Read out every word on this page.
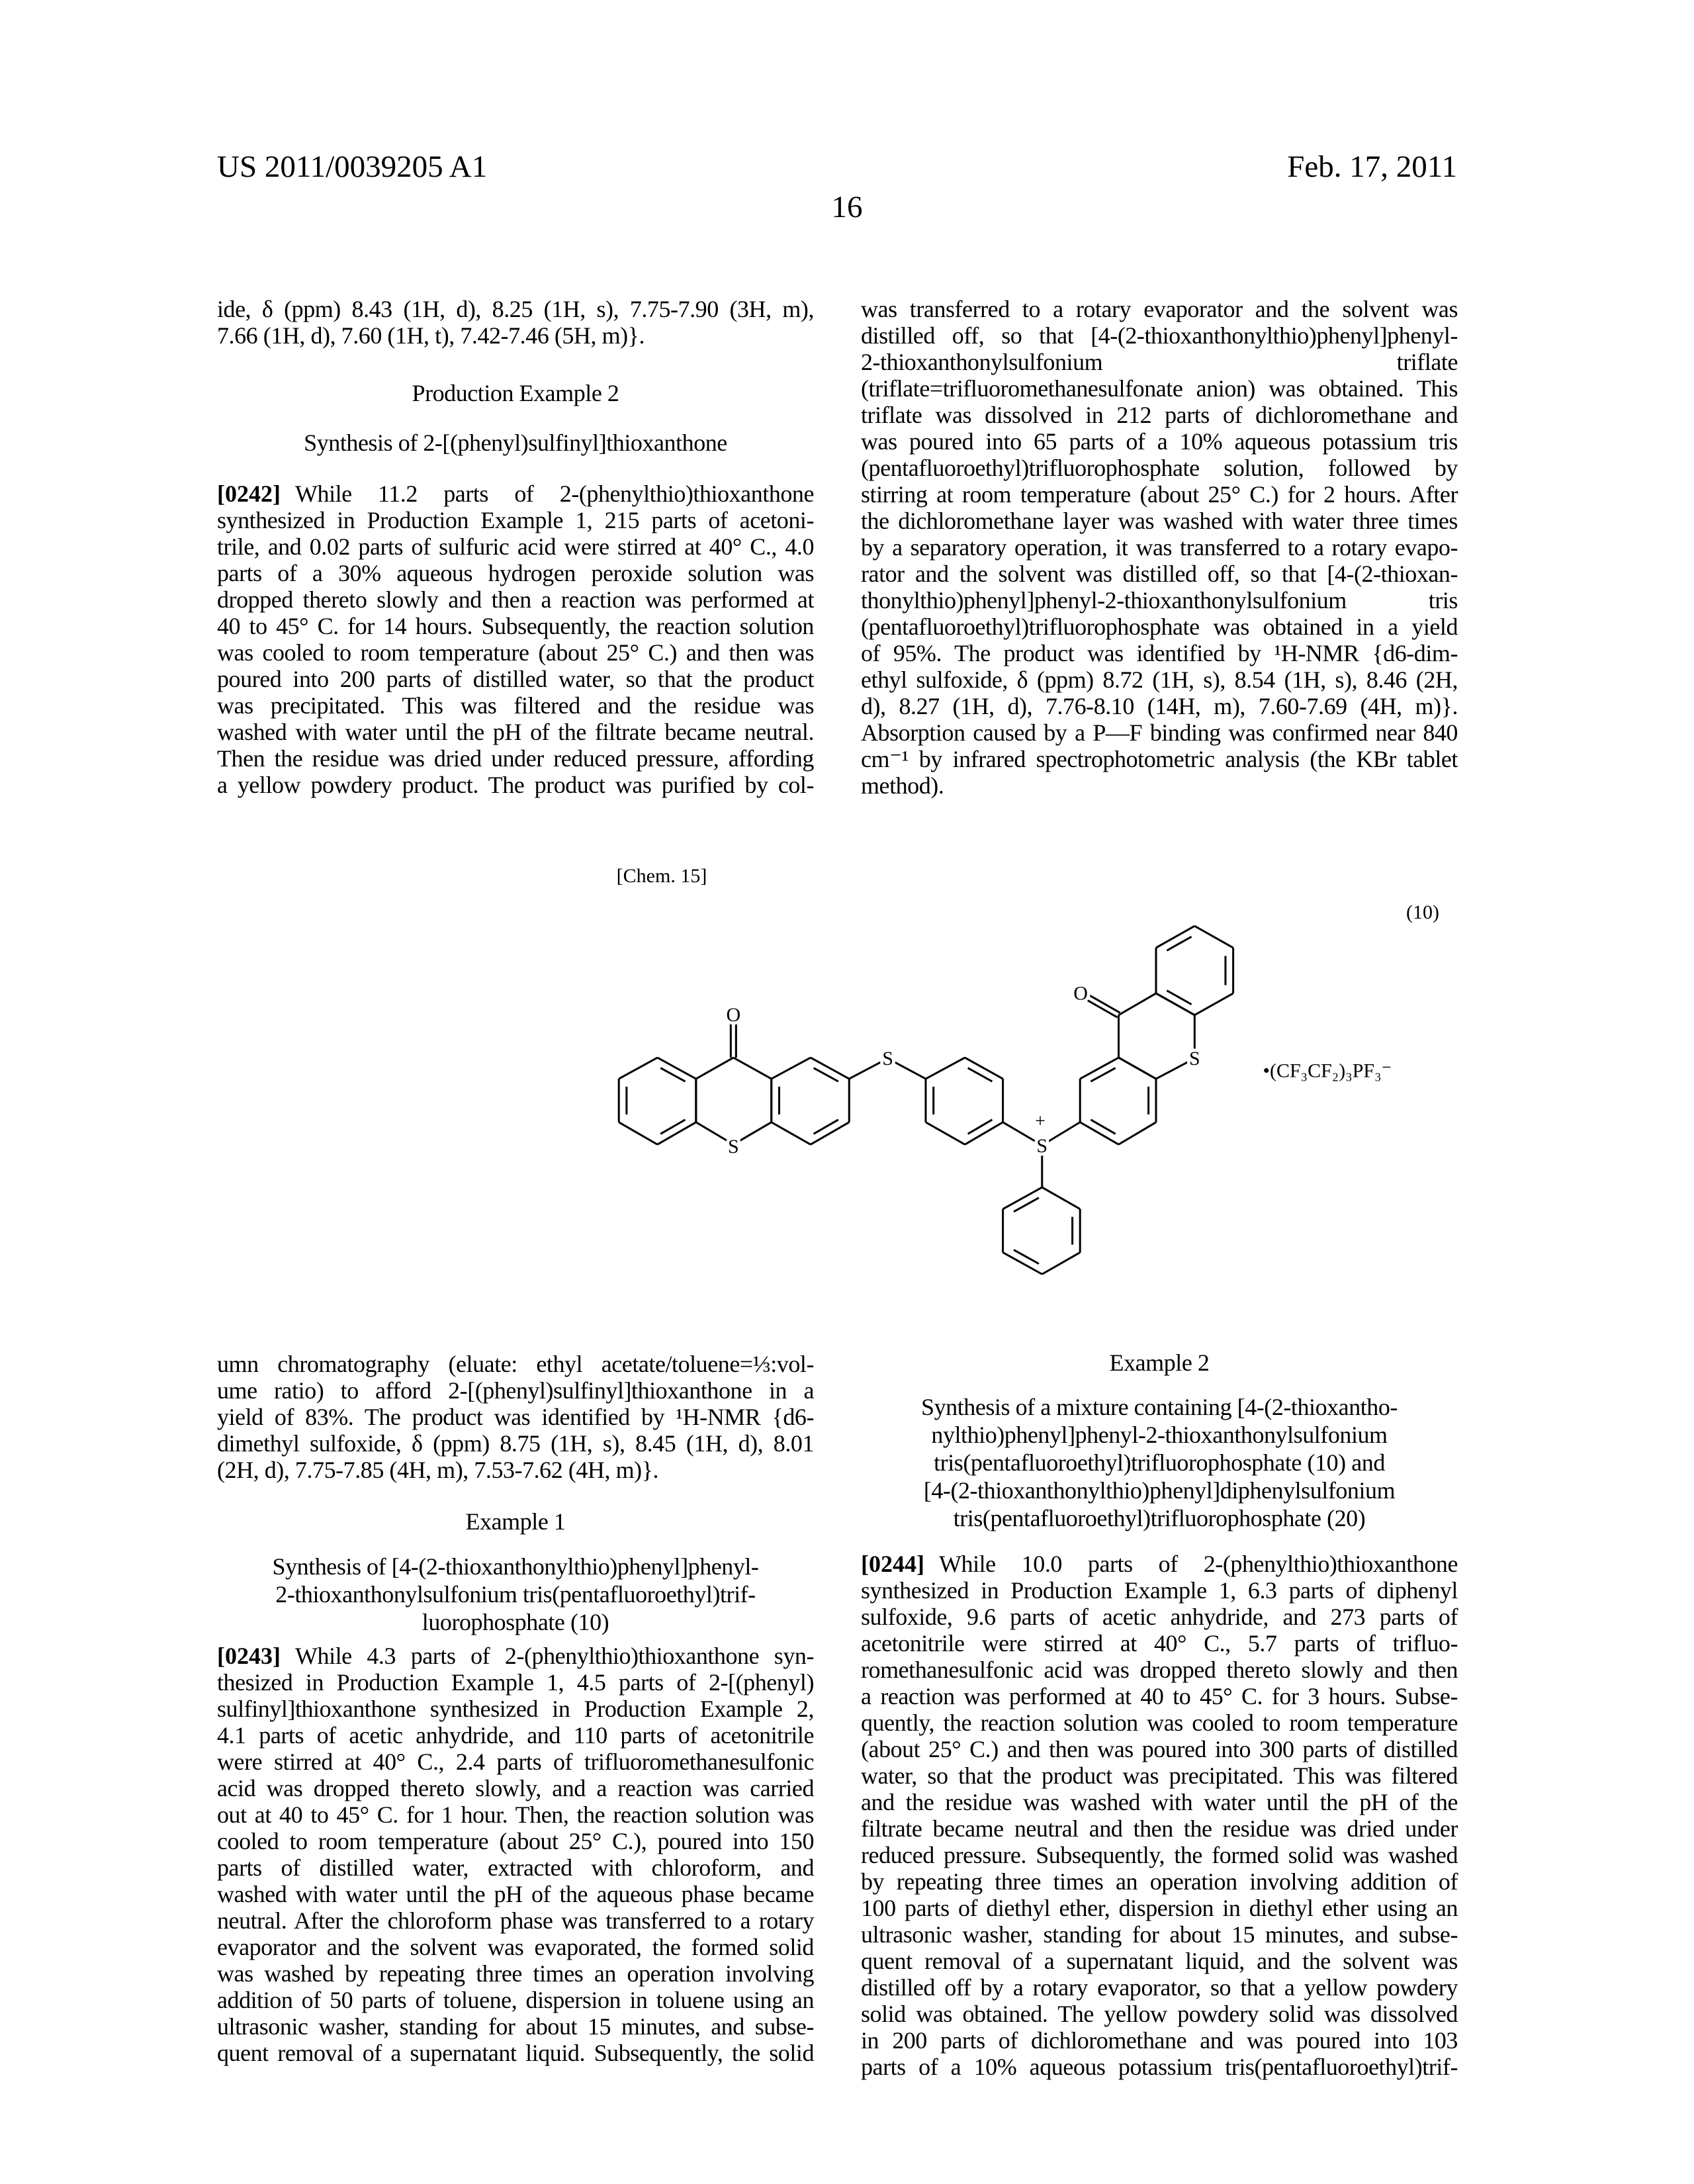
US 2011/0039205 A1	Feb. 17, 2011
16
ide, δ (ppm) 8.43 (1H, d), 8.25 (1H, s), 7.75-7.90 (3H, m),
7.66 (1H, d), 7.60 (1H, t), 7.42-7.46 (5H, m)}.
Production Example 2
Synthesis of 2-[(phenyl)sulfinyl]thioxanthone
[0242] While 11.2 parts of 2-(phenylthio)thioxanthone
synthesized in Production Example 1, 215 parts of acetoni-
trile, and 0.02 parts of sulfuric acid were stirred at 40° C., 4.0
parts of a 30% aqueous hydrogen peroxide solution was
dropped thereto slowly and then a reaction was performed at
40 to 45° C. for 14 hours. Subsequently, the reaction solution
was cooled to room temperature (about 25° C.) and then was
poured into 200 parts of distilled water, so that the product
was precipitated. This was filtered and the residue was
washed with water until the pH of the filtrate became neutral.
Then the residue was dried under reduced pressure, affording
a yellow powdery product. The product was purified by col-
was transferred to a rotary evaporator and the solvent was
distilled off, so that [4-(2-thioxanthonylthio)phenyl]phenyl-
2-thioxanthonylsulfonium triflate
(triflate=trifluoromethanesulfonate anion) was obtained. This
triflate was dissolved in 212 parts of dichloromethane and
was poured into 65 parts of a 10% aqueous potassium tris
(pentafluoroethyl)trifluorophosphate solution, followed by
stirring at room temperature (about 25° C.) for 2 hours. After
the dichloromethane layer was washed with water three times
by a separatory operation, it was transferred to a rotary evapo-
rator and the solvent was distilled off, so that [4-(2-thioxan-
thonylthio)phenyl]phenyl-2-thioxanthonylsulfonium tris
(pentafluoroethyl)trifluorophosphate was obtained in a yield
of 95%. The product was identified by ¹H-NMR {d6-dim-
ethyl sulfoxide, δ (ppm) 8.72 (1H, s), 8.54 (1H, s), 8.46 (2H,
d), 8.27 (1H, d), 7.76-8.10 (14H, m), 7.60-7.69 (4H, m)}.
Absorption caused by a P—F binding was confirmed near 840
cm⁻¹ by infrared spectrophotometric analysis (the KBr tablet
method).
[Chem. 15]
(10)
O
S
S
S
+
O
S
•(CF₃CF₂)₃PF₃⁻
umn chromatography (eluate: ethyl acetate/toluene=⅓:vol-
ume ratio) to afford 2-[(phenyl)sulfinyl]thioxanthone in a
yield of 83%. The product was identified by ¹H-NMR {d6-
dimethyl sulfoxide, δ (ppm) 8.75 (1H, s), 8.45 (1H, d), 8.01
(2H, d), 7.75-7.85 (4H, m), 7.53-7.62 (4H, m)}.
Example 1
Synthesis of [4-(2-thioxanthonylthio)phenyl]phenyl-
2-thioxanthonylsulfonium tris(pentafluoroethyl)trif-
luorophosphate (10)
[0243] While 4.3 parts of 2-(phenylthio)thioxanthone syn-
thesized in Production Example 1, 4.5 parts of 2-[(phenyl)
sulfinyl]thioxanthone synthesized in Production Example 2,
4.1 parts of acetic anhydride, and 110 parts of acetonitrile
were stirred at 40° C., 2.4 parts of trifluoromethanesulfonic
acid was dropped thereto slowly, and a reaction was carried
out at 40 to 45° C. for 1 hour. Then, the reaction solution was
cooled to room temperature (about 25° C.), poured into 150
parts of distilled water, extracted with chloroform, and
washed with water until the pH of the aqueous phase became
neutral. After the chloroform phase was transferred to a rotary
evaporator and the solvent was evaporated, the formed solid
was washed by repeating three times an operation involving
addition of 50 parts of toluene, dispersion in toluene using an
ultrasonic washer, standing for about 15 minutes, and subse-
quent removal of a supernatant liquid. Subsequently, the solid
Example 2
Synthesis of a mixture containing [4-(2-thioxantho-
nylthio)phenyl]phenyl-2-thioxanthonylsulfonium
tris(pentafluoroethyl)trifluorophosphate (10) and
[4-(2-thioxanthonylthio)phenyl]diphenylsulfonium
tris(pentafluoroethyl)trifluorophosphate (20)
[0244] While 10.0 parts of 2-(phenylthio)thioxanthone
synthesized in Production Example 1, 6.3 parts of diphenyl
sulfoxide, 9.6 parts of acetic anhydride, and 273 parts of
acetonitrile were stirred at 40° C., 5.7 parts of trifluo-
romethanesulfonic acid was dropped thereto slowly and then
a reaction was performed at 40 to 45° C. for 3 hours. Subse-
quently, the reaction solution was cooled to room temperature
(about 25° C.) and then was poured into 300 parts of distilled
water, so that the product was precipitated. This was filtered
and the residue was washed with water until the pH of the
filtrate became neutral and then the residue was dried under
reduced pressure. Subsequently, the formed solid was washed
by repeating three times an operation involving addition of
100 parts of diethyl ether, dispersion in diethyl ether using an
ultrasonic washer, standing for about 15 minutes, and subse-
quent removal of a supernatant liquid, and the solvent was
distilled off by a rotary evaporator, so that a yellow powdery
solid was obtained. The yellow powdery solid was dissolved
in 200 parts of dichloromethane and was poured into 103
parts of a 10% aqueous potassium tris(pentafluoroethyl)trif-
